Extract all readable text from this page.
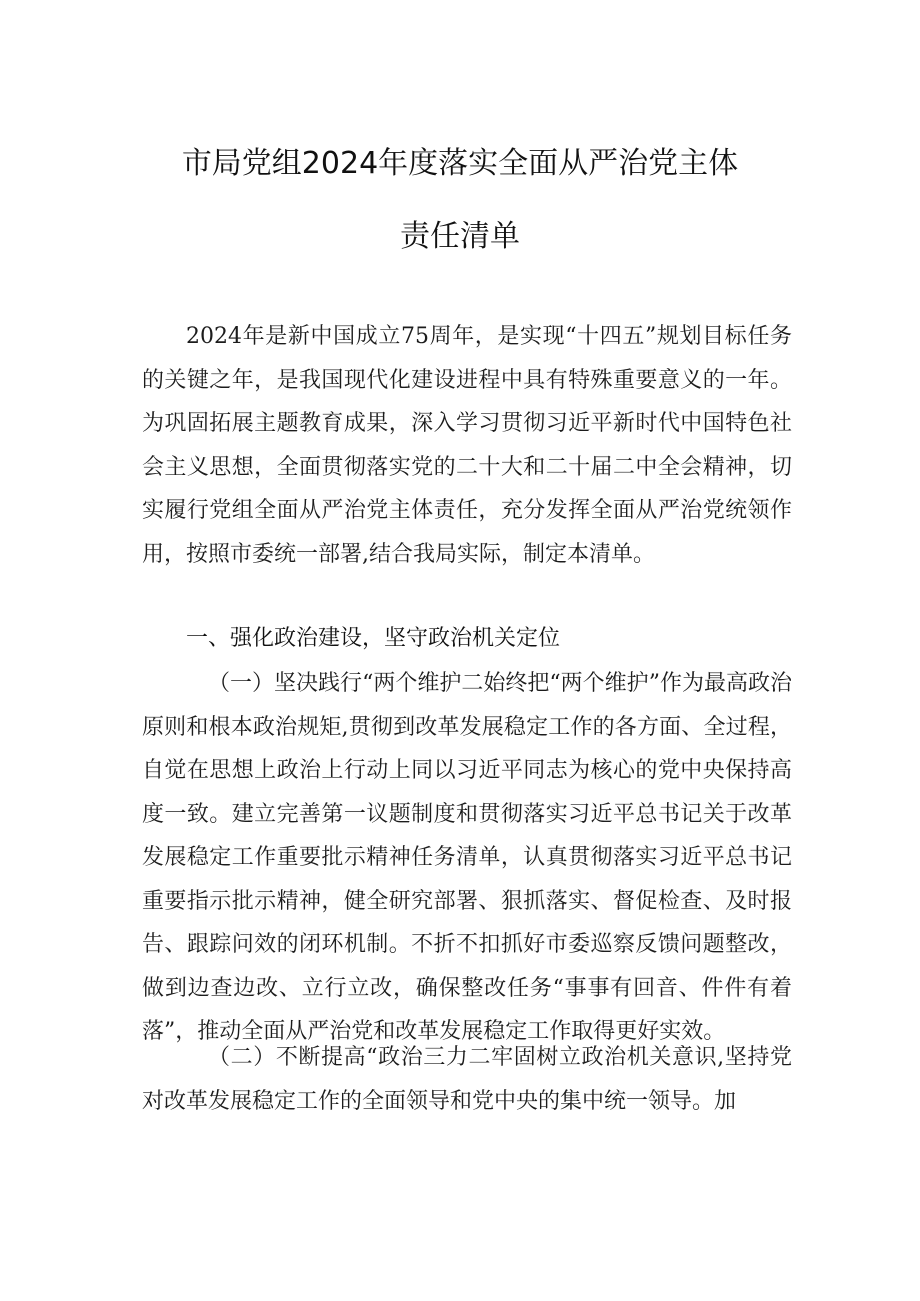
市局党组2024年度落实全面从严治党主体
责任清单
2024年是新中国成立75周年，是实现“十四五”规划目标任务的关键之年，是我国现代化建设进程中具有特殊重要意义的一年。为巩固拓展主题教育成果，深入学习贯彻习近平新时代中国特色社会主义思想，全面贯彻落实党的二十大和二十届二中全会精神，切实履行党组全面从严治党主体责任，充分发挥全面从严治党统领作用，按照市委统一部署,结合我局实际，制定本清单。
一、强化政治建设，坚守政治机关定位
（一）坚决践行“两个维护二始终把“两个维护”作为最高政治原则和根本政治规矩,贯彻到改革发展稳定工作的各方面、全过程，自觉在思想上政治上行动上同以习近平同志为核心的党中央保持高度一致。建立完善第一议题制度和贯彻落实习近平总书记关于改革发展稳定工作重要批示精神任务清单，认真贯彻落实习近平总书记重要指示批示精神，健全研究部署、狠抓落实、督促检查、及时报告、跟踪问效的闭环机制。不折不扣抓好市委巡察反馈问题整改，做到边查边改、立行立改，确保整改任务“事事有回音、件件有着落”，推动全面从严治党和改革发展稳定工作取得更好实效。
（二）不断提高“政治三力二牢固树立政治机关意识,坚持党对改革发展稳定工作的全面领导和党中央的集中统一领导。加
